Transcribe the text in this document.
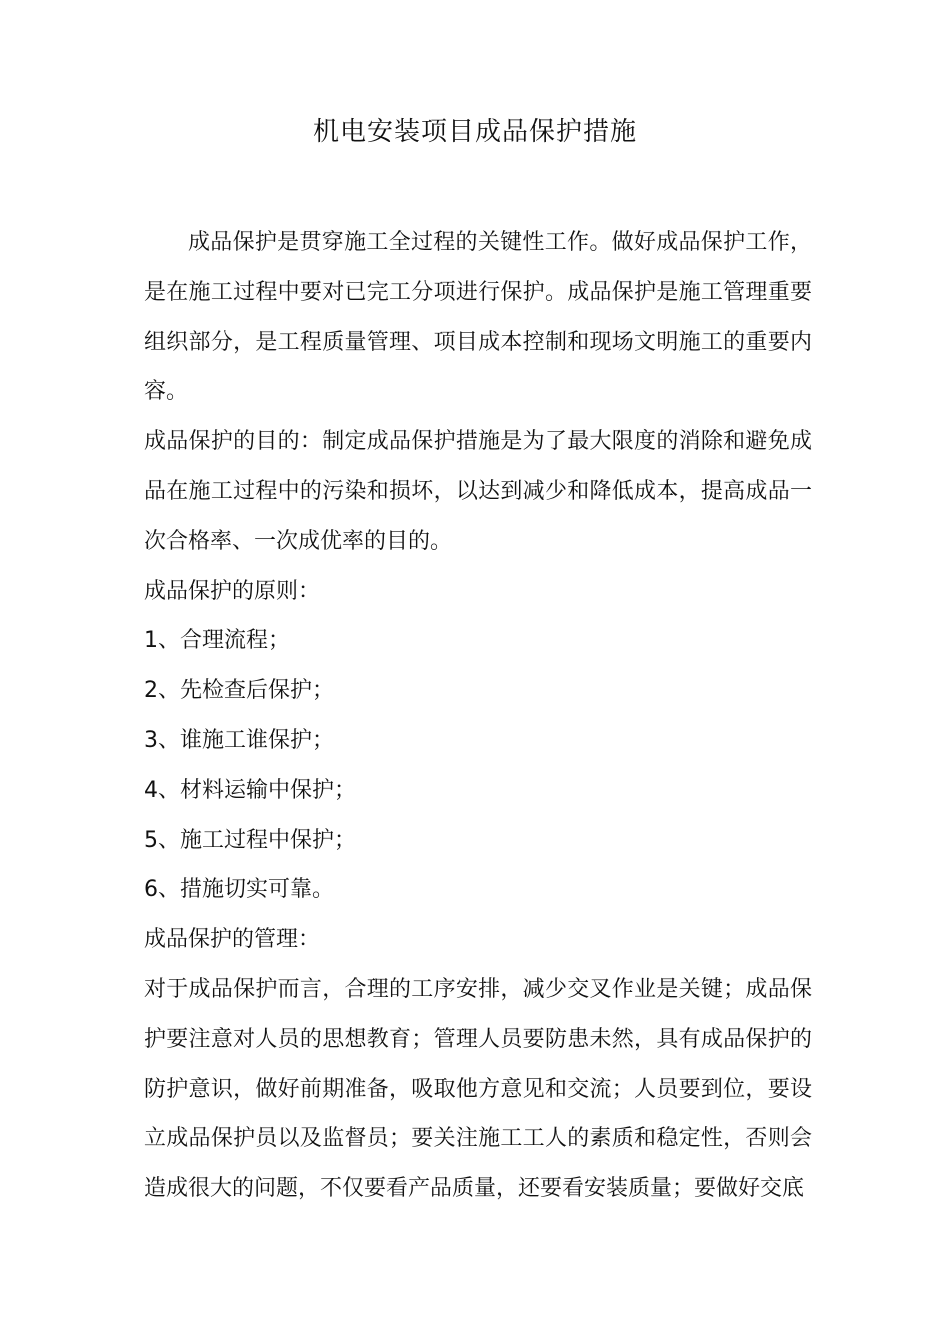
机电安装项目成品保护措施

成品保护是贯穿施工全过程的关键性工作。做好成品保护工作，是在施工过程中要对已完工分项进行保护。成品保护是施工管理重要组织部分，是工程质量管理、项目成本控制和现场文明施工的重要内容。

成品保护的目的：制定成品保护措施是为了最大限度的消除和避免成品在施工过程中的污染和损坏，以达到减少和降低成本，提高成品一次合格率、一次成优率的目的。

成品保护的原则：

1、合理流程；

2、先检查后保护；

3、谁施工谁保护；

4、材料运输中保护；

5、施工过程中保护；

6、措施切实可靠。

成品保护的管理：

对于成品保护而言，合理的工序安排，减少交叉作业是关键；成品保护要注意对人员的思想教育；管理人员要防患未然，具有成品保护的防护意识，做好前期准备，吸取他方意见和交流；人员要到位，要设立成品保护员以及监督员；要关注施工工人的素质和稳定性，否则会造成很大的问题，不仅要看产品质量，还要看安装质量；要做好交底
